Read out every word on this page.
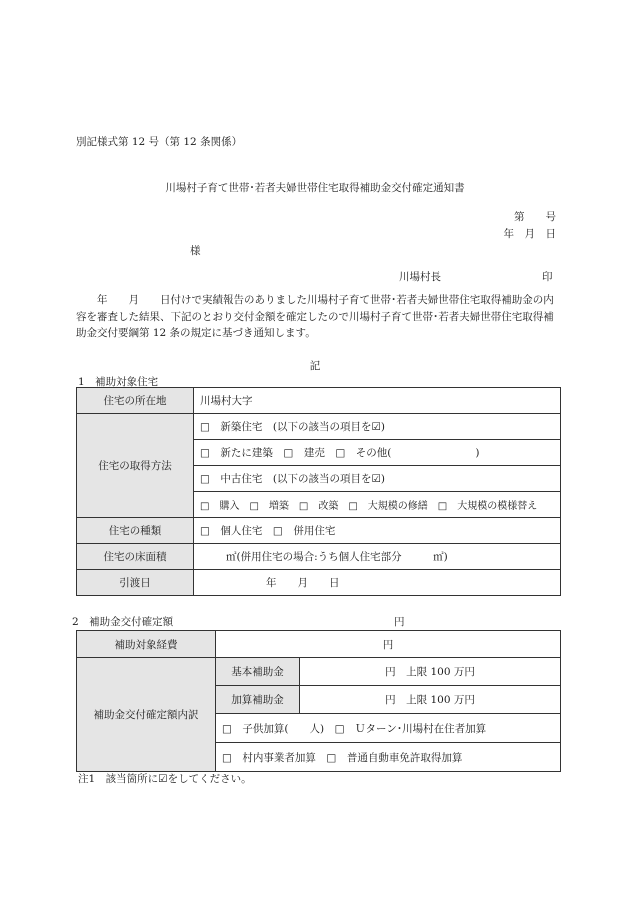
別記様式第 12 号（第 12 条関係）
川場村子育て世帯･若者夫婦世帯住宅取得補助金交付確定通知書
第　　号
年　月　日
様
川場村長	印
　　年　　月　　日付けで実績報告のありました川場村子育て世帯･若者夫婦世帯住宅取得補助金の内容を審査した結果、下記のとおり交付金額を確定したので川場村子育て世帯･若者夫婦世帯住宅取得補助金交付要綱第 12 条の規定に基づき通知します。
記
1　補助対象住宅
住宅の所在地	川場村大字
住宅の取得方法	□　新築住宅　(以下の該当の項目を☑)
	□　新たに建築　□　建売　□　その他(　　　　　　　　)
	□　中古住宅　(以下の該当の項目を☑)
	□　購入　□　増築　□　改築　□　大規模の修繕　□　大規模の模様替え
住宅の種類	□　個人住宅　□　併用住宅
住宅の床面積	㎡(併用住宅の場合:うち個人住宅部分　　　㎡)
引渡日	年　　月　　日
2　補助金交付確定額	円
補助対象経費	円	
補助金交付確定額内訳	基本補助金	円　上限 100 万円
	加算補助金	円　上限 100 万円
	□　子供加算(　　人)　□　Ｕターン･川場村在住者加算	
	□　村内事業者加算　□　普通自動車免許取得加算	
注1　該当箇所に☑をしてください。
